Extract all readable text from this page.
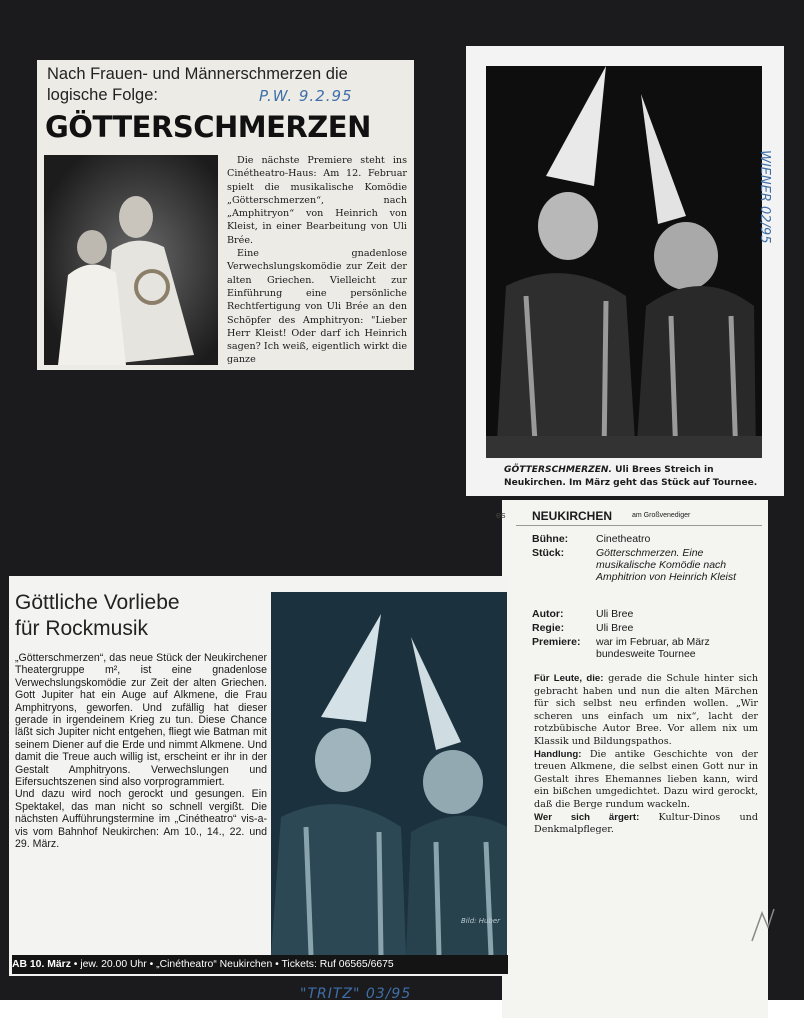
Nach Frauen- und Männerschmerzen die logische Folge:	P.W. 9.2.95
GÖTTERSCHMERZEN

Die nächste Premiere steht ins Cinétheatro-Haus: Am 12. Februar spielt die musikalische Komödie „Götterschmerzen“, nach „Amphitryon“ von Heinrich von Kleist, in einer Bearbeitung von Uli Brée.

Eine gnadenlose Verwechslungskomödie zur Zeit der alten Griechen. Vielleicht zur Einführung eine persönliche Rechtfertigung von Uli Brée an den Schöpfer des Amphitryon: "Lieber Herr Kleist! Oder darf ich Heinrich sagen? Ich weiß, eigentlich wirkt die ganze

GÖTTERSCHMERZEN. Uli Brees Streich in Neukirchen. Im März geht das Stück auf Tournee.
WIENER 02/95
es NEUKIRCHEN	am Großvenediger
Bühne:	Cinetheatro
Stück:	Götterschmerzen. Eine musikalische Komödie nach Amphitrion von Heinrich Kleist
Autor:	Uli Bree
Regie:	Uli Bree
Premiere: war im Februar, ab März bundesweite Tournee

Für Leute, die: gerade die Schule hinter sich gebracht haben und nun die alten Märchen für sich selbst neu erfinden wollen. „Wir scheren uns einfach um nix“, lacht der rotzbübische Autor Bree. Vor allem nix um Klassik und Bildungspathos.

Handlung: Die antike Geschichte von der treuen Alkmene, die selbst einen Gott nur in Gestalt ihres Ehemannes lieben kann, wird ein bißchen umgedichtet. Dazu wird gerockt, daß die Berge rundum wackeln.

Wer sich ärgert: Kultur-Dinos und Denkmalpfleger.

Göttliche Vorliebe
für Rockmusik

„Götterschmerzen“, das neue Stück der Neukirchener Theatergruppe m², ist eine gnadenlose Verwechslungskomödie zur Zeit der alten Griechen. Gott Jupiter hat ein Auge auf Alkmene, die Frau Amphitryons, geworfen. Und zufällig hat dieser gerade in irgendeinem Krieg zu tun. Diese Chance läßt sich Jupiter nicht entgehen, fliegt wie Batman mit seinem Diener auf die Erde und nimmt Alkmene. Und damit die Treue auch willig ist, erscheint er ihr in der Gestalt Amphitryons. Verwechslungen und Eifersuchtszenen sind also vorprogrammiert.

Und dazu wird noch gerockt und gesungen. Ein Spektakel, das man nicht so schnell vergißt. Die nächsten Aufführungstermine im „Cinétheatro“ vis-a-vis vom Bahnhof Neukirchen: Am 10., 14., 22. und 29. März.

Bild: Huber
AB 10. März • jew. 20.00 Uhr • „Cinétheatro“ Neukirchen • Tickets: Ruf 06565/6675
"TRITZ" 03/95
